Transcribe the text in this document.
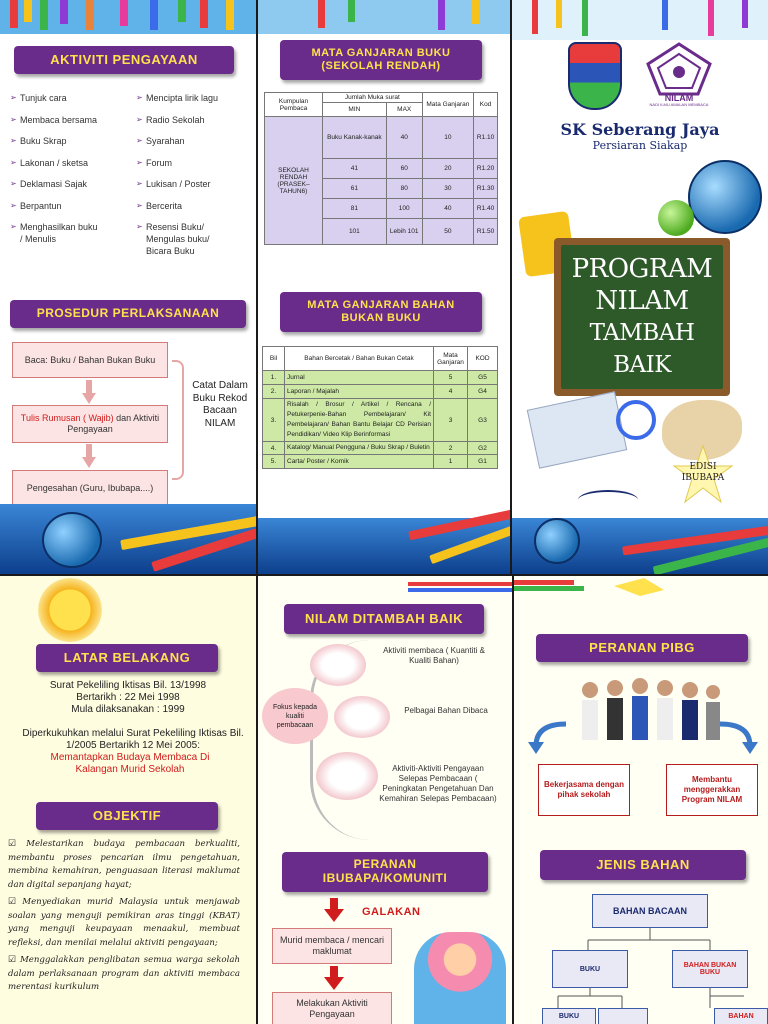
AKTIVITI PENGAYAAN
➢ Tunjuk cara
➢ Membaca bersama
➢ Buku Skrap
➢ Lakonan / sketsa
➢ Deklamasi Sajak
➢ Berpantun
➢ Menghasilkan buku / Menulis
➢ Mencipta lirik lagu
➢ Radio Sekolah
➢ Syarahan
➢ Forum
➢ Lukisan / Poster
➢ Bercerita
➢ Resensi Buku/ Mengulas buku/ Bicara Buku
PROSEDUR PERLAKSANAAN
Baca: Buku / Bahan Bukan Buku
Tulis Rumusan ( Wajib) dan Aktiviti Pengayaan
Pengesahan (Guru, Ibubapa....)
Catat Dalam Buku Rekod Bacaan NILAM
MATA GANJARAN BUKU (SEKOLAH RENDAH)
Kumpulan Pembaca	Jumlah Muka surat		Mata Ganjaran	Kod
	MIN	MAX		
SEKOLAH RENDAH (PRASEK– TAHUN6)	Buku Kanak-kanak	40	10	R1.10
	41	60	20	R1.20
	61	80	30	R1.30
	81	100	40	R1.40
	101	Lebih 101	50	R1.50
MATA GANJARAN BAHAN BUKAN BUKU
Bil	Bahan Bercetak / Bahan Bukan Cetak	Mata Ganjaran	KOD
1.	Jurnal	5	G5
2.	Laporan / Majalah	4	G4
3.	Risalah / Brosur / Artikel / Rencana / Petukerpenie-Bahan Pembelajaran/ Kit Pembelajaran/ Bahan Bantu Belajar CD Perisian Pendidikan/ Video Klip Berinformasi	3	G3
4.	Katalog/ Manual Pengguna / Buku Skrap / Buletin	2	G2
5.	Carta/ Poster / Komik	1	G1
NILAM
NADI ILMU AMALAN MEMBACA
SK Seberang Jaya
Persiaran Siakap
PROGRAM
NILAM
TAMBAH BAIK
EDISI IBUBAPA
LATAR BELAKANG
Surat Pekeliling Iktisas Bil. 13/1998
Bertarikh : 22 Mei 1998
Mula dilaksanakan : 1999
Diperkukuhkan melalui Surat Pekeliling Iktisas Bil. 1/2005 Bertarikh 12 Mei 2005:
Memantapkan Budaya Membaca Di Kalangan Murid Sekolah
OBJEKTIF

☑ Melestarikan budaya pembacaan berkualiti, membantu proses pencarian ilmu pengetahuan, membina kemahiran, penguasaan literasi maklumat dan digital sepanjang hayat;

☑ Menyediakan murid Malaysia untuk menjawab soalan yang menguji pemikiran aras tinggi (KBAT) yang menguji keupayaan menaakul, membuat refleksi, dan menilai melalui aktiviti pengayaan;

☑ Menggalakkan penglibatan semua warga sekolah dalam perlaksanaan program dan aktiviti membaca merentasi kurikulum

NILAM DITAMBAH BAIK
Aktiviti membaca ( Kuantiti & Kualiti Bahan)
Pelbagai Bahan Dibaca
Aktiviti-Aktiviti Pengayaan Selepas Pembacaan ( Peningkatan Pengetahuan Dan Kemahiran Selepas Pembacaan)
Fokus kepada kualiti pembacaan
PERANAN IBUBAPA/KOMUNITI
GALAKAN
Murid membaca / mencari maklumat
Melakukan Aktiviti Pengayaan
PERANAN PIBG
Bekerjasama dengan pihak sekolah
Membantu menggerakkan Program NILAM
JENIS BAHAN
BAHAN BACAAN
BUKU	BAHAN BUKAN BUKU
BUKU	BAHAN
